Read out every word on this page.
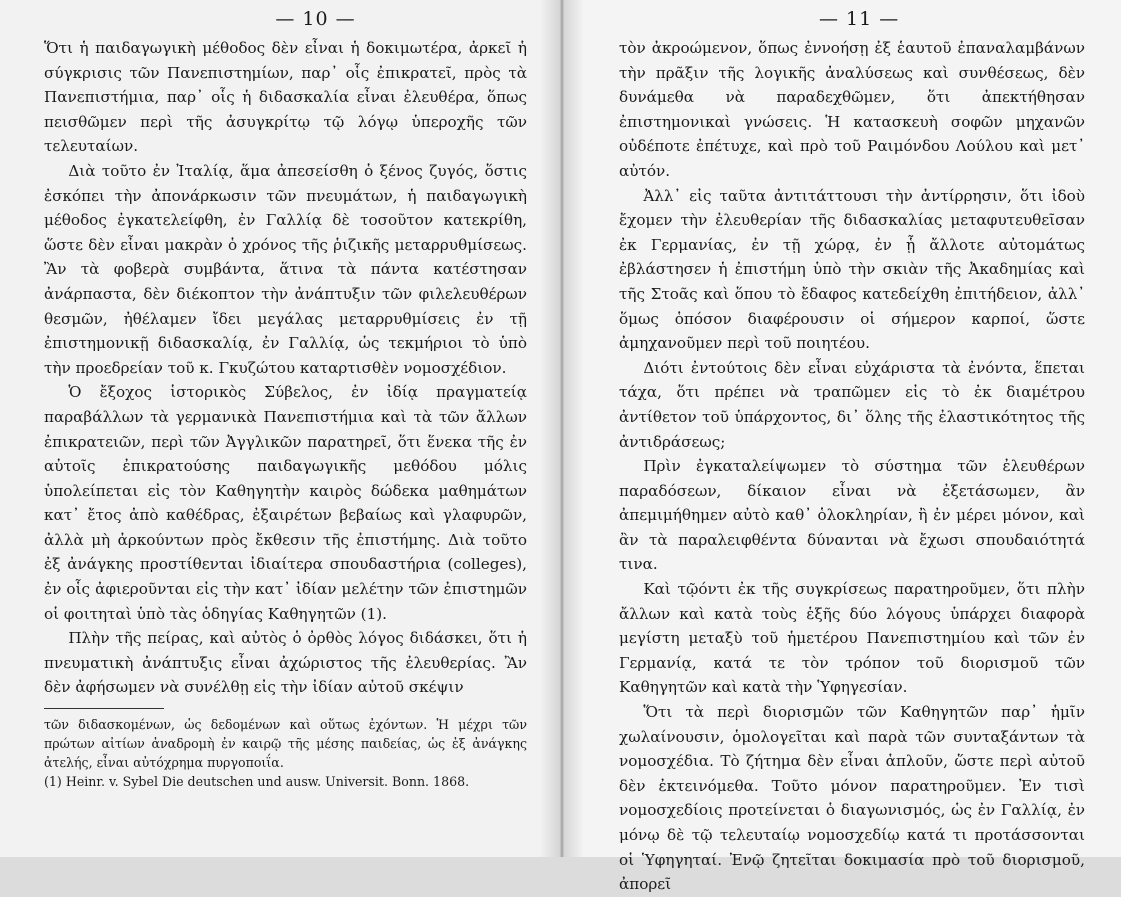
— 10 —

Ὅτι ἡ παιδαγωγικὴ μέθοδος δὲν εἶναι ἡ δοκιμωτέρα, ἀρκεῖ ἡ σύγκρισις τῶν Πανεπιστημίων, παρ᾽ οἷς ἐπικρατεῖ, πρὸς τὰ Πανεπιστήμια, παρ᾽ οἷς ἡ διδασκαλία εἶναι ἐλευθέρα, ὅπως πεισθῶμεν περὶ τῆς ἀσυγκρίτῳ τῷ λόγῳ ὑπεροχῆς τῶν τελευταίων.

Διὰ τοῦτο ἐν Ἰταλίᾳ, ἅμα ἀπεσείσθη ὁ ξένος ζυγός, ὅστις ἐσκόπει τὴν ἀπονάρκωσιν τῶν πνευμάτων, ἡ παιδαγωγικὴ μέθοδος ἐγκατελείφθη, ἐν Γαλλίᾳ δὲ τοσοῦτον κατεκρίθη, ὥστε δὲν εἶναι μακρὰν ὁ χρόνος τῆς ῥιζικῆς μεταρρυθμίσεως. Ἂν τὰ φοβερὰ συμβάντα, ἅτινα τὰ πάντα κατέστησαν ἀνάρπαστα, δὲν διέκοπτον τὴν ἀνάπτυξιν τῶν φιλελευθέρων θεσμῶν, ἠθέλαμεν ἴδει μεγάλας μεταρρυθμίσεις ἐν τῇ ἐπιστημονικῇ διδασκαλίᾳ, ἐν Γαλλίᾳ, ὡς τεκμήριοι τὸ ὑπὸ τὴν προεδρείαν τοῦ κ. Γκυζώτου καταρτισθὲν νομοσχέδιον.

Ὁ ἔξοχος ἱστορικὸς Σύβελος, ἐν ἰδίᾳ πραγματείᾳ παραβάλλων τὰ γερμανικὰ Πανεπιστήμια καὶ τὰ τῶν ἄλλων ἐπικρατειῶν, περὶ τῶν Ἀγγλικῶν παρατηρεῖ, ὅτι ἕνεκα τῆς ἐν αὐτοῖς ἐπικρατούσης παιδαγωγικῆς μεθόδου μόλις ὑπολείπεται εἰς τὸν Καθηγητὴν καιρὸς δώδεκα μαθημάτων κατ᾽ ἔτος ἀπὸ καθέδρας, ἐξαιρέτων βεβαίως καὶ γλαφυρῶν, ἀλλὰ μὴ ἀρκούντων πρὸς ἔκθεσιν τῆς ἐπιστήμης. Διὰ τοῦτο ἐξ ἀνάγκης προστίθενται ἰδιαίτερα σπουδαστήρια (colleges), ἐν οἷς ἀφιεροῦνται εἰς τὴν κατ᾽ ἰδίαν μελέτην τῶν ἐπιστημῶν οἱ φοιτηταὶ ὑπὸ τὰς ὁδηγίας Καθηγητῶν (1).

Πλὴν τῆς πείρας, καὶ αὐτὸς ὁ ὀρθὸς λόγος διδάσκει, ὅτι ἡ πνευματικὴ ἀνάπτυξις εἶναι ἀχώριστος τῆς ἐλευθερίας. Ἂν δὲν ἀφήσωμεν νὰ συνέλθῃ εἰς τὴν ἰδίαν αὐτοῦ σκέψιν

τῶν διδασκομένων, ὡς δεδομένων καὶ οὕτως ἐχόντων. Ἡ μέχρι τῶν πρώτων αἰτίων ἀναδρομὴ ἐν καιρῷ τῆς μέσης παιδείας, ὡς ἐξ ἀνάγκης ἀτελής, εἶναι αὐτόχρημα πυργοποιΐα.

(1) Heinr. v. Sybel Die deutschen und ausw. Universit. Bonn. 1868.

— 11 —

τὸν ἀκροώμενον, ὅπως ἐννοήσῃ ἐξ ἑαυτοῦ ἐπαναλαμβάνων τὴν πρᾶξιν τῆς λογικῆς ἀναλύσεως καὶ συνθέσεως, δὲν δυνάμεθα νὰ παραδεχθῶμεν, ὅτι ἀπεκτήθησαν ἐπιστημονικαὶ γνώσεις. Ἡ κατασκευὴ σοφῶν μηχανῶν οὐδέποτε ἐπέτυχε, καὶ πρὸ τοῦ Ραιμόνδου Λούλου καὶ μετ᾽ αὐτόν.

Ἀλλ᾽ εἰς ταῦτα ἀντιτάττουσι τὴν ἀντίρρησιν, ὅτι ἰδοὺ ἔχομεν τὴν ἐλευθερίαν τῆς διδασκαλίας μεταφυτευθεῖσαν ἐκ Γερμανίας, ἐν τῇ χώρᾳ, ἐν ᾗ ἄλλοτε αὐτομάτως ἐβλάστησεν ἡ ἐπιστήμη ὑπὸ τὴν σκιὰν τῆς Ἀκαδημίας καὶ τῆς Στοᾶς καὶ ὅπου τὸ ἔδαφος κατεδείχθη ἐπιτήδειον, ἀλλ᾽ ὅμως ὁπόσον διαφέρουσιν οἱ σήμερον καρποί, ὥστε ἀμηχανοῦμεν περὶ τοῦ ποιητέου.

Διότι ἐντούτοις δὲν εἶναι εὐχάριστα τὰ ἐνόντα, ἕπεται τάχα, ὅτι πρέπει νὰ τραπῶμεν εἰς τὸ ἐκ διαμέτρου ἀντίθετον τοῦ ὑπάρχοντος, δι᾽ ὅλης τῆς ἐλαστικότητος τῆς ἀντιδράσεως;

Πρὶν ἐγκαταλείψωμεν τὸ σύστημα τῶν ἐλευθέρων παραδόσεων, δίκαιον εἶναι νὰ ἐξετάσωμεν, ἂν ἀπεμιμήθημεν αὐτὸ καθ᾽ ὁλοκληρίαν, ἢ ἐν μέρει μόνον, καὶ ἂν τὰ παραλειφθέντα δύνανται νὰ ἔχωσι σπουδαιότητά τινα.

Καὶ τῷόντι ἐκ τῆς συγκρίσεως παρατηροῦμεν, ὅτι πλὴν ἄλλων καὶ κατὰ τοὺς ἑξῆς δύο λόγους ὑπάρχει διαφορὰ μεγίστη μεταξὺ τοῦ ἡμετέρου Πανεπιστημίου καὶ τῶν ἐν Γερμανίᾳ, κατά τε τὸν τρόπον τοῦ διορισμοῦ τῶν Καθηγητῶν καὶ κατὰ τὴν Ὑφηγεσίαν.

Ὅτι τὰ περὶ διορισμῶν τῶν Καθηγητῶν παρ᾽ ἡμῖν χωλαίνουσιν, ὁμολογεῖται καὶ παρὰ τῶν συνταξάντων τὰ νομοσχέδια. Τὸ ζήτημα δὲν εἶναι ἁπλοῦν, ὥστε περὶ αὐτοῦ δὲν ἐκτεινόμεθα. Τοῦτο μόνον παρατηροῦμεν. Ἐν τισὶ νομοσχεδίοις προτείνεται ὁ διαγωνισμός, ὡς ἐν Γαλλίᾳ, ἐν μόνῳ δὲ τῷ τελευταίῳ νομοσχεδίῳ κατά τι προτάσσονται οἱ Ὑφηγηταί. Ἐνῷ ζητεῖται δοκιμασία πρὸ τοῦ διορισμοῦ, ἀπορεῖ
